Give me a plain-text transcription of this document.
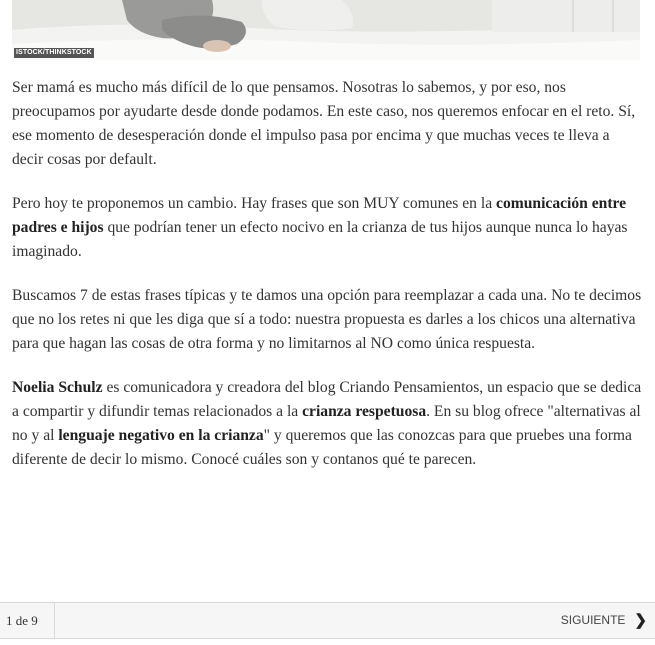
ISTOCK/THINKSTOCK

Ser mamá es mucho más difícil de lo que pensamos. Nosotras lo sabemos, y por eso, nos preocupamos por ayudarte desde donde podamos. En este caso, nos queremos enfocar en el reto. Sí, ese momento de desesperación donde el impulso pasa por encima y que muchas veces te lleva a decir cosas por default.

Pero hoy te proponemos un cambio. Hay frases que son MUY comunes en la comunicación entre padres e hijos que podrían tener un efecto nocivo en la crianza de tus hijos aunque nunca lo hayas imaginado.

Buscamos 7 de estas frases típicas y te damos una opción para reemplazar a cada una. No te decimos que no los retes ni que les diga que sí a todo: nuestra propuesta es darles a los chicos una alternativa para que hagan las cosas de otra forma y no limitarnos al NO como única respuesta.

Noelia Schulz es comunicadora y creadora del blog Criando Pensamientos, un espacio que se dedica a compartir y difundir temas relacionados a la crianza respetuosa. En su blog ofrece "alternativas al no y al lenguaje negativo en la crianza" y queremos que las conozcas para que pruebes una forma diferente de decir lo mismo. Conocé cuáles son y contanos qué te parecen.

1 de 9	SIGUIENTE ❯
